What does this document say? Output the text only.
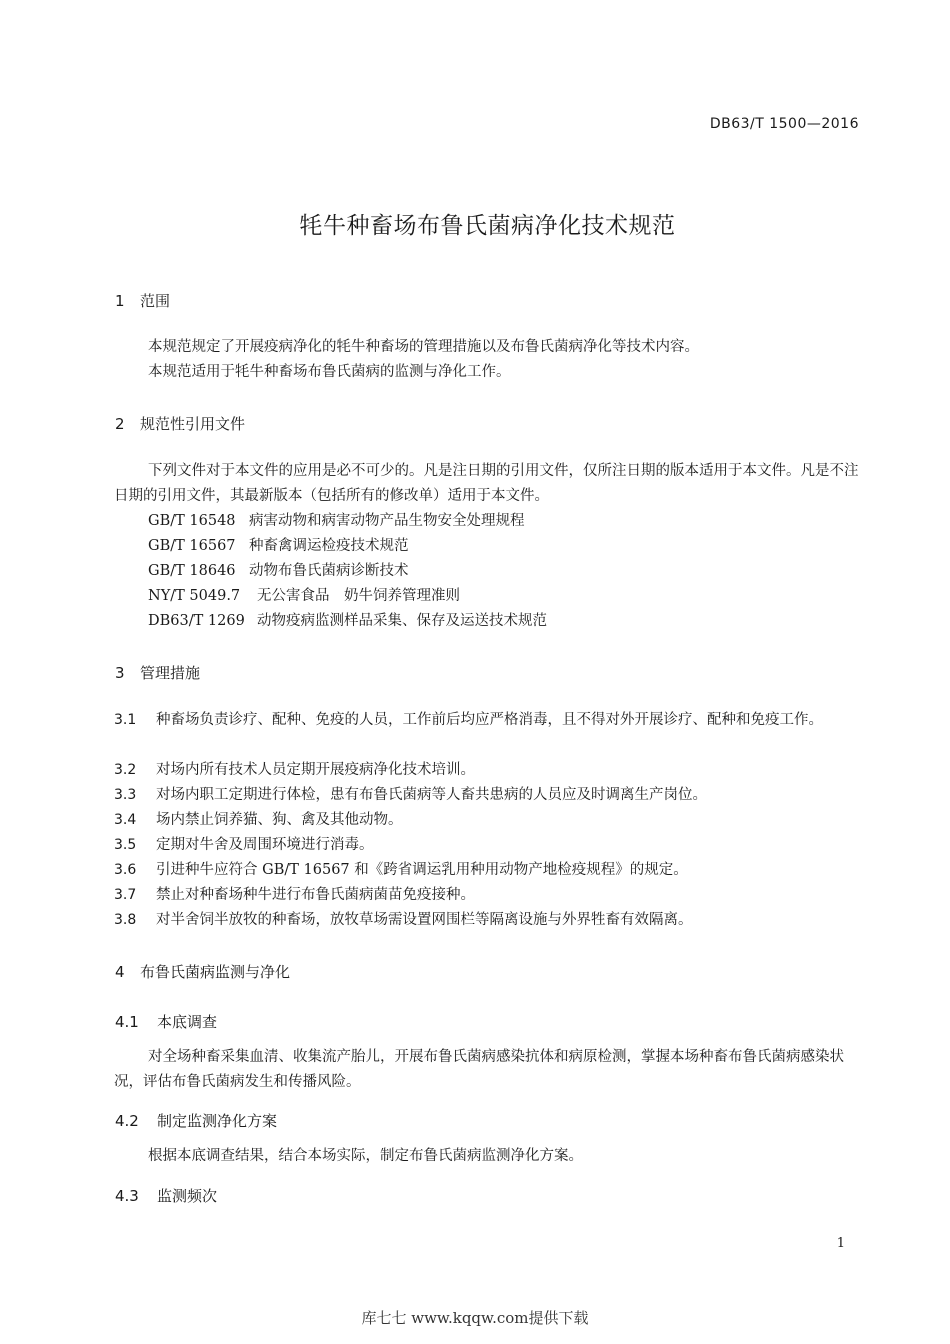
DB63/T 1500—2016
牦牛种畜场布鲁氏菌病净化技术规范
1 范围
本规范规定了开展疫病净化的牦牛种畜场的管理措施以及布鲁氏菌病净化等技术内容。
本规范适用于牦牛种畜场布鲁氏菌病的监测与净化工作。
2 规范性引用文件
下列文件对于本文件的应用是必不可少的。凡是注日期的引用文件，仅所注日期的版本适用于本文件。凡是不注日期的引用文件，其最新版本（包括所有的修改单）适用于本文件。
GB/T 16548 病害动物和病害动物产品生物安全处理规程
GB/T 16567 种畜禽调运检疫技术规范
GB/T 18646 动物布鲁氏菌病诊断技术
NY/T 5049.7 无公害食品　奶牛饲养管理准则
DB63/T 1269 动物疫病监测样品采集、保存及运送技术规范
3 管理措施
3.1 种畜场负责诊疗、配种、免疫的人员，工作前后均应严格消毒，且不得对外开展诊疗、配种和免疫工作。
3.2 对场内所有技术人员定期开展疫病净化技术培训。
3.3 对场内职工定期进行体检，患有布鲁氏菌病等人畜共患病的人员应及时调离生产岗位。
3.4 场内禁止饲养猫、狗、禽及其他动物。
3.5 定期对牛舍及周围环境进行消毒。
3.6 引进种牛应符合 GB/T 16567 和《跨省调运乳用种用动物产地检疫规程》的规定。
3.7 禁止对种畜场种牛进行布鲁氏菌病菌苗免疫接种。
3.8 对半舍饲半放牧的种畜场，放牧草场需设置网围栏等隔离设施与外界牲畜有效隔离。
4 布鲁氏菌病监测与净化
4.1 本底调查
对全场种畜采集血清、收集流产胎儿，开展布鲁氏菌病感染抗体和病原检测，掌握本场种畜布鲁氏菌病感染状况，评估布鲁氏菌病发生和传播风险。
4.2 制定监测净化方案
根据本底调查结果，结合本场实际，制定布鲁氏菌病监测净化方案。
4.3 监测频次
1
库七七 www.kqqw.com提供下载
